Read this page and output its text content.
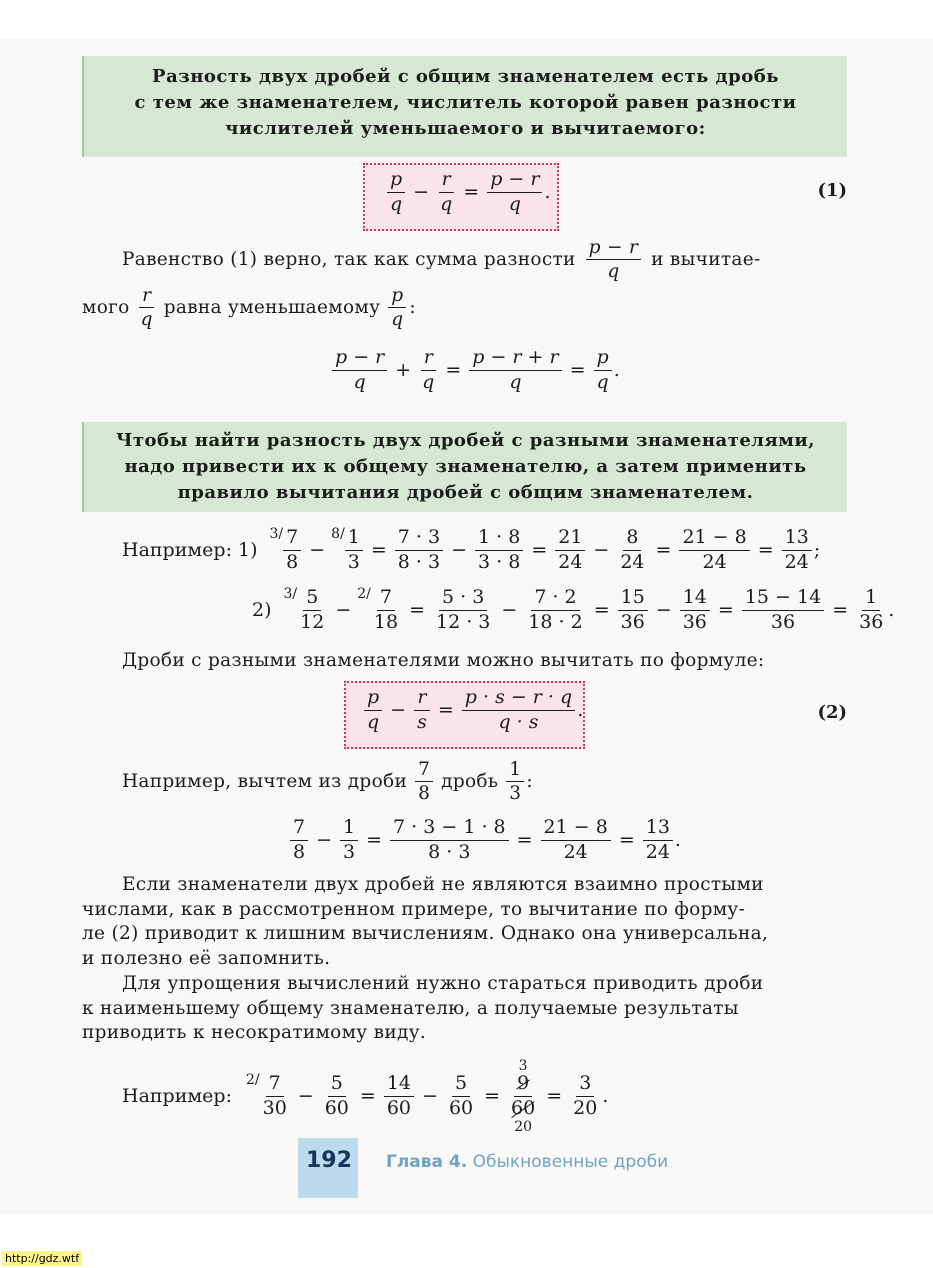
Разность двух дробей с общим знаменателем есть дробь
с тем же знаменателем, числитель которой равен разности
числителей уменьшаемого и вычитаемого:
$\frac{p}{q} - \frac{r}{q} = \frac{p - r}{q}$ .	(1)
Равенство (1) верно, так как сумма разности $\frac{p - r}{q}$ и вычитае-
мого $\frac{r}{q}$ равна уменьшаемому $\frac{p}{q}$ :
$\frac{p - r}{q} + \frac{r}{q} = \frac{p - r + r}{q} = \frac{p}{q}$ .
Чтобы найти разность двух дробей с разными знаменателями,
надо привести их к общему знаменателю, а затем применить
правило вычитания дробей с общим знаменателем.
Например: 1)
$3/ \frac{7}{8}$ −
$8/ \frac{1}{3} = \frac{7 \cdot 3}{8 \cdot 3} - \frac{1 \cdot 8}{3 \cdot 8} = \frac{21}{24} - \frac{8}{24} = \frac{21 - 8}{24} = \frac{13}{24}$ ;
2)
$3/ \frac{5}{12}$ −
$2/ \frac{7}{18} = \frac{5 \cdot 3}{12 \cdot 3} - \frac{7 \cdot 2}{18 \cdot 2} = \frac{15}{36} - \frac{14}{36} = \frac{15 - 14}{36} = \frac{1}{36}$ .
Дроби с разными знаменателями можно вычитать по формуле:
$\frac{p}{q} - \frac{r}{s} = \frac{p \cdot s - r \cdot q}{q \cdot s}$ .	(2)
Например, вычтем из дроби $\frac{7}{8}$ дробь $\frac{1}{3}$ :
$\frac{7}{8} - \frac{1}{3} = \frac{7 \cdot 3 - 1 \cdot 8}{8 \cdot 3} = \frac{21 - 8}{24} = \frac{13}{24}$ .
Если знаменатели двух дробей не являются взаимно простыми
числами, как в рассмотренном примере, то вычитание по форму-
ле (2) приводит к лишним вычислениям. Однако она универсальна,
и полезно её запомнить.
Для упрощения вычислений нужно стараться приводить дроби
к наименьшему общему знаменателю, а получаемые результаты
приводить к несократимому виду.
Например:
$2/ \frac{7}{30} - \frac{5}{60} = \frac{14}{60} - \frac{5}{60}$ =
3
$\frac{9}{60}$
20
= $\frac{3}{20}$ .
192 Глава 4. Обыкновенные дроби
http://gdz.wtf
